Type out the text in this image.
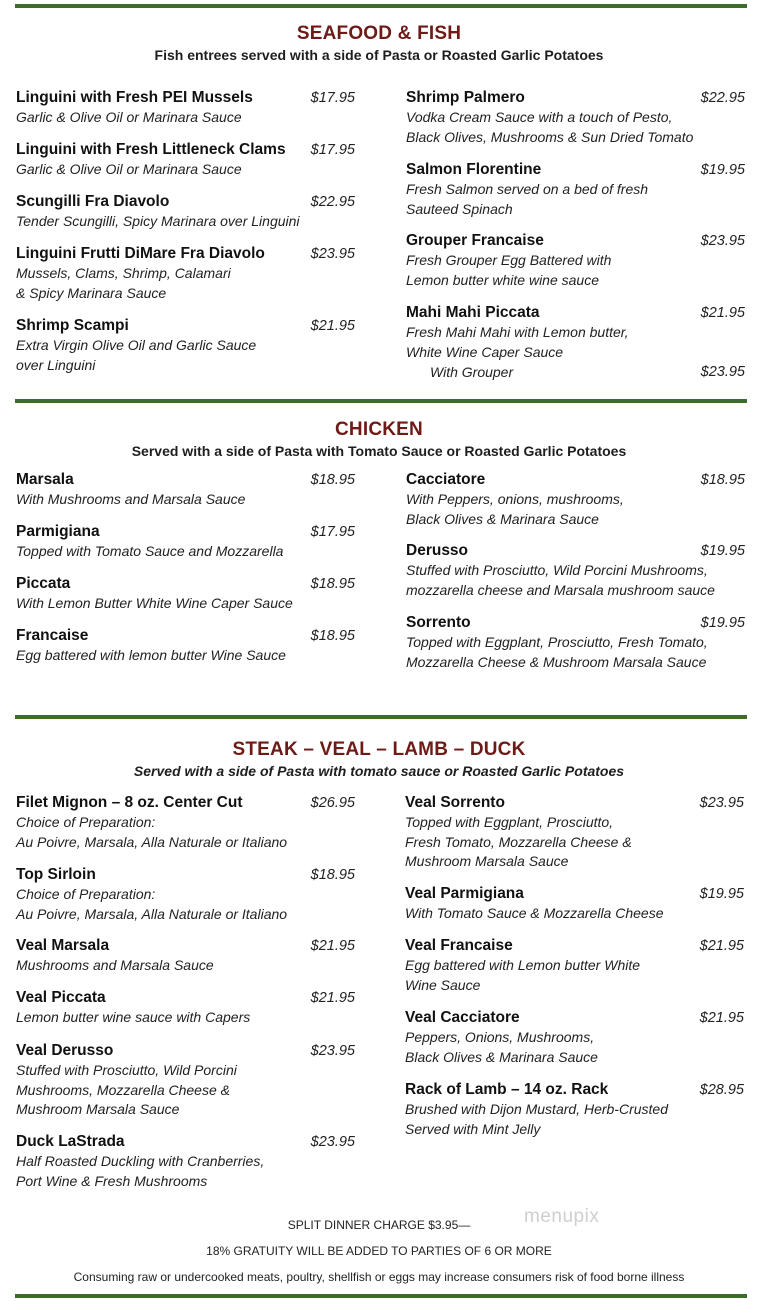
SEAFOOD & FISH
Fish entrees served with a side of Pasta or Roasted Garlic Potatoes
Linguini with Fresh PEI Mussels	$17.95
Garlic & Olive Oil or Marinara Sauce
Linguini with Fresh Littleneck Clams $17.95
Garlic & Olive Oil or Marinara Sauce
Scungilli Fra Diavolo	$22.95
Tender Scungilli, Spicy Marinara over Linguini
Linguini Frutti DiMare Fra Diavolo	$23.95
Mussels, Clams, Shrimp, Calamari
& Spicy Marinara Sauce
Shrimp Scampi	$21.95
Extra Virgin Olive Oil and Garlic Sauce
over Linguini
Shrimp Palmero	$22.95
Vodka Cream Sauce with a touch of Pesto,
Black Olives, Mushrooms & Sun Dried Tomato
Salmon Florentine	$19.95
Fresh Salmon served on a bed of fresh
Sauteed Spinach
Grouper Francaise	$23.95
Fresh Grouper Egg Battered with
Lemon butter white wine sauce
Mahi Mahi Piccata	$21.95
Fresh Mahi Mahi with Lemon butter,
White Wine Caper Sauce
With Grouper	$23.95
CHICKEN
Served with a side of Pasta with Tomato Sauce or Roasted Garlic Potatoes
Marsala	$18.95
With Mushrooms and Marsala Sauce
Parmigiana	$17.95
Topped with Tomato Sauce and Mozzarella
Piccata	$18.95
With Lemon Butter White Wine Caper Sauce
Francaise	$18.95
Egg battered with lemon butter Wine Sauce
Cacciatore	$18.95
With Peppers, onions, mushrooms,
Black Olives & Marinara Sauce
Derusso	$19.95
Stuffed with Prosciutto, Wild Porcini Mushrooms,
mozzarella cheese and Marsala mushroom sauce
Sorrento	$19.95
Topped with Eggplant, Prosciutto, Fresh Tomato,
Mozzarella Cheese & Mushroom Marsala Sauce
STEAK – VEAL – LAMB – DUCK
Served with a side of Pasta with tomato sauce or Roasted Garlic Potatoes
Filet Mignon – 8 oz. Center Cut	$26.95
Choice of Preparation:
Au Poivre, Marsala, Alla Naturale or Italiano
Top Sirloin	$18.95
Choice of Preparation:
Au Poivre, Marsala, Alla Naturale or Italiano
Veal Marsala	$21.95
Mushrooms and Marsala Sauce
Veal Piccata	$21.95
Lemon butter wine sauce with Capers
Veal Derusso	$23.95
Stuffed with Prosciutto, Wild Porcini
Mushrooms, Mozzarella Cheese &
Mushroom Marsala Sauce
Duck LaStrada	$23.95
Half Roasted Duckling with Cranberries,
Port Wine & Fresh Mushrooms
Veal Sorrento	$23.95
Topped with Eggplant, Prosciutto,
Fresh Tomato, Mozzarella Cheese &
Mushroom Marsala Sauce
Veal Parmigiana	$19.95
With Tomato Sauce & Mozzarella Cheese
Veal Francaise	$21.95
Egg battered with Lemon butter White
Wine Sauce
Veal Cacciatore	$21.95
Peppers, Onions, Mushrooms,
Black Olives & Marinara Sauce
Rack of Lamb – 14 oz. Rack	$28.95
Brushed with Dijon Mustard, Herb-Crusted
Served with Mint Jelly
menupix
SPLIT DINNER CHARGE $3.95—
18% GRATUITY WILL BE ADDED TO PARTIES OF 6 OR MORE
Consuming raw or undercooked meats, poultry, shellfish or eggs may increase consumers risk of food borne illness
